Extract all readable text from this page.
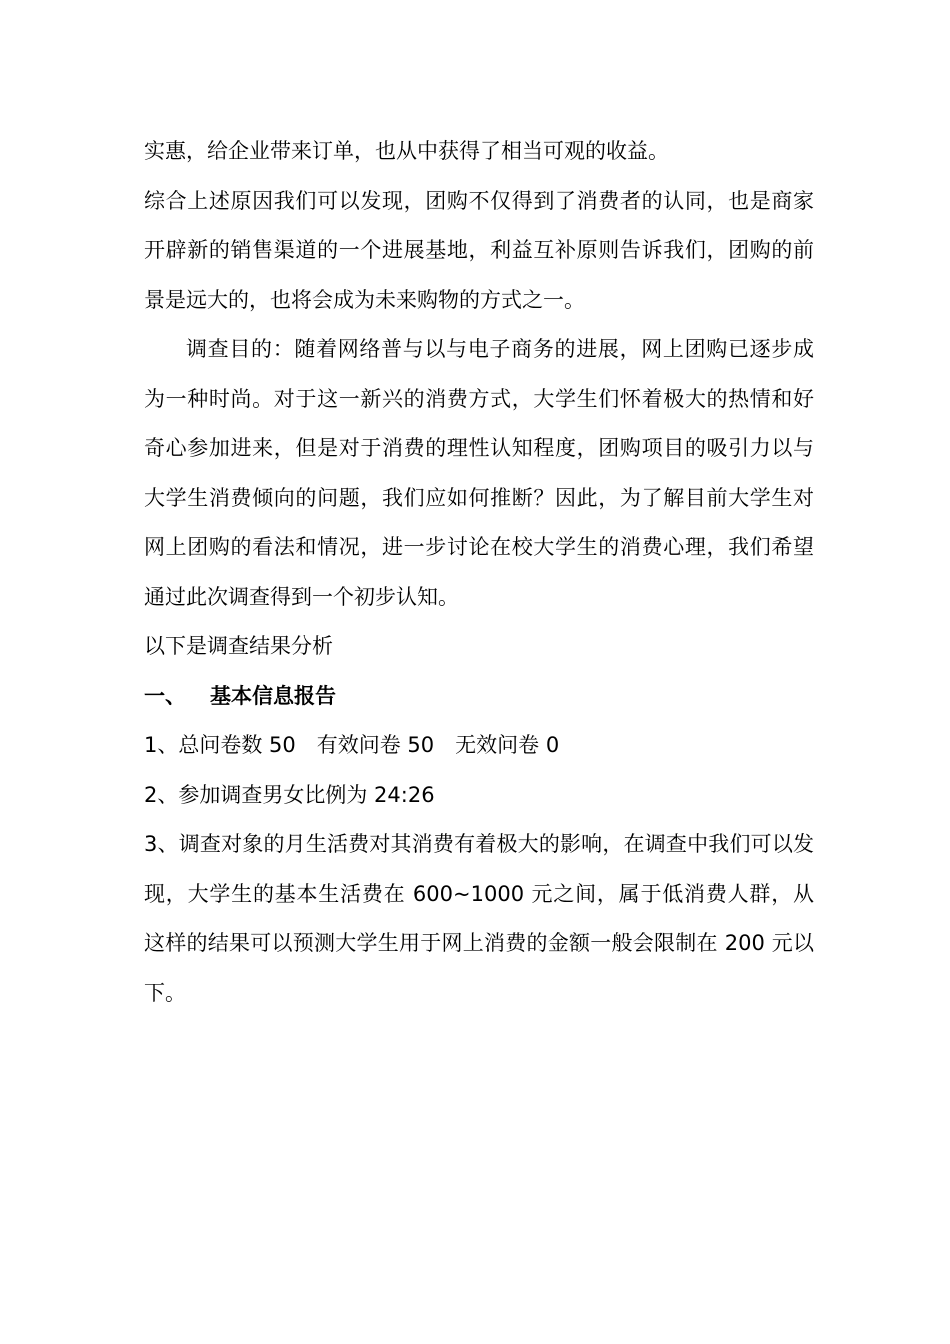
实惠，给企业带来订单，也从中获得了相当可观的收益。

综合上述原因我们可以发现，团购不仅得到了消费者的认同，也是商家开辟新的销售渠道的一个进展基地，利益互补原则告诉我们，团购的前景是远大的，也将会成为未来购物的方式之一。

调查目的：随着网络普与以与电子商务的进展，网上团购已逐步成为一种时尚。对于这一新兴的消费方式，大学生们怀着极大的热情和好奇心参加进来，但是对于消费的理性认知程度，团购项目的吸引力以与大学生消费倾向的问题，我们应如何推断？因此，为了解目前大学生对网上团购的看法和情况，进一步讨论在校大学生的消费心理，我们希望通过此次调查得到一个初步认知。

以下是调查结果分析

一、 基本信息报告

1、总问卷数 50　有效问卷 50　无效问卷 0

2、参加调查男女比例为 24:26

3、调查对象的月生活费对其消费有着极大的影响，在调查中我们可以发现，大学生的基本生活费在 600~1000 元之间，属于低消费人群，从这样的结果可以预测大学生用于网上消费的金额一般会限制在 200 元以下。
